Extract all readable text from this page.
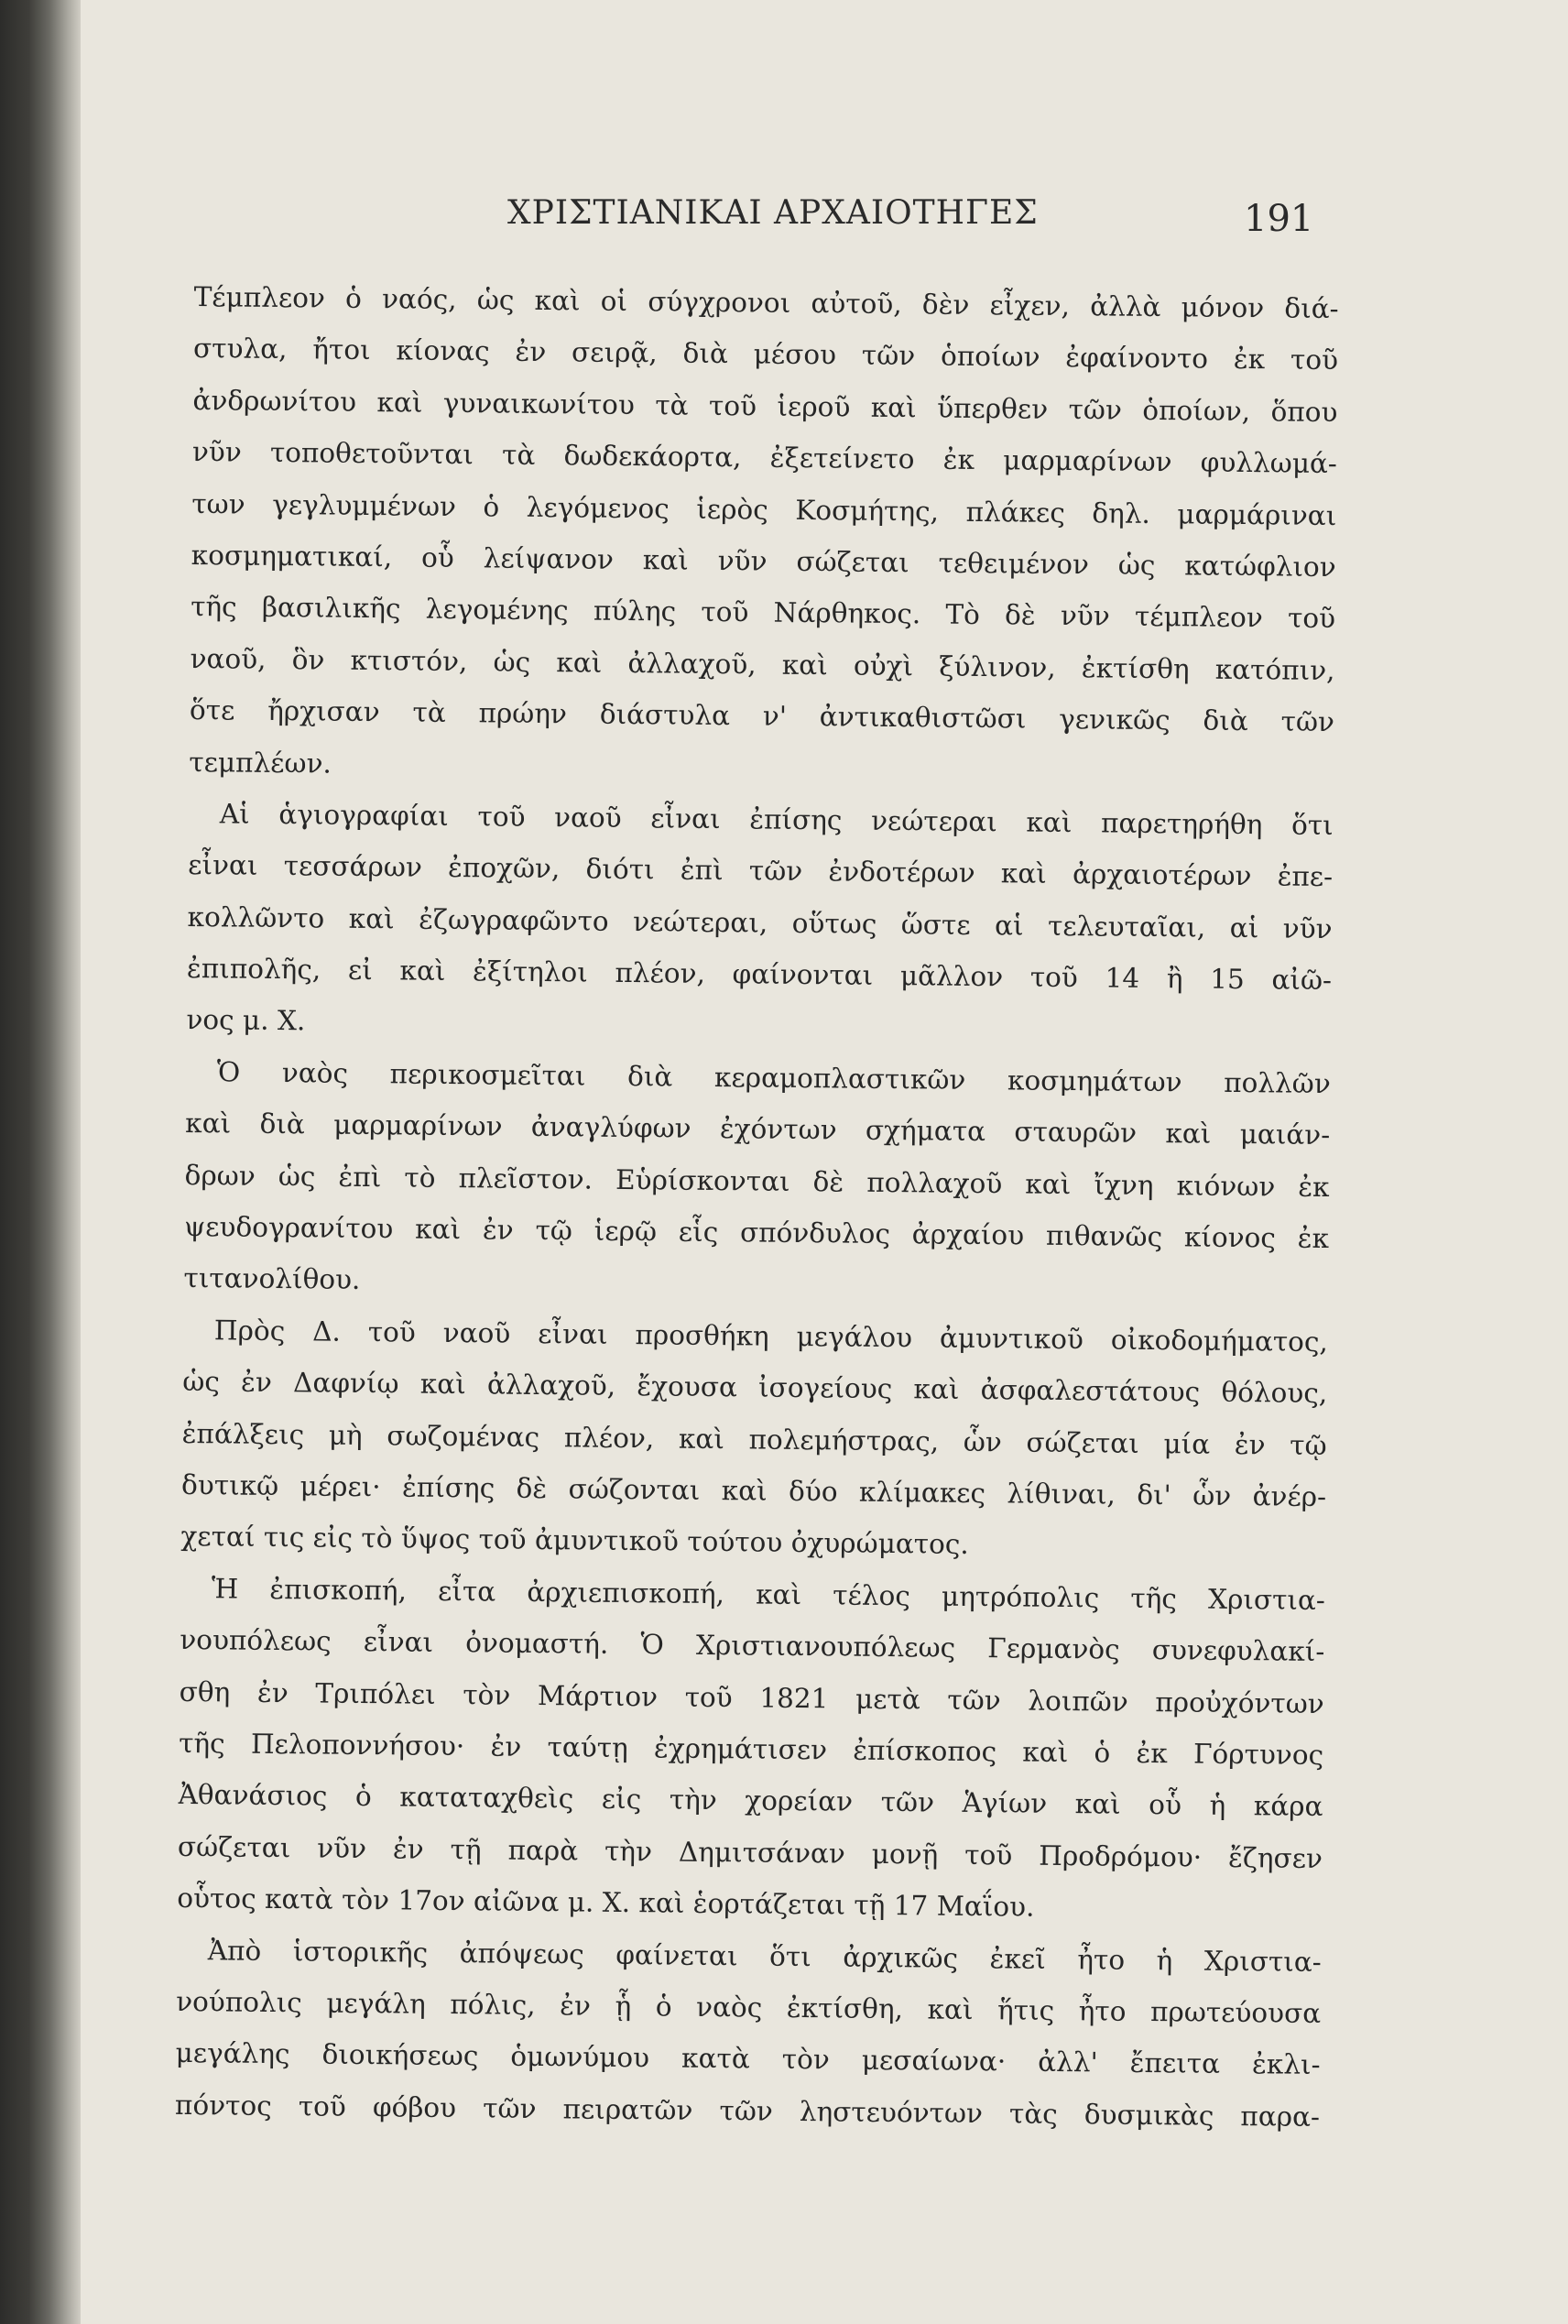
ΧΡΙΣΤΙΑΝΙΚΑΙ ΑΡΧΑΙΟΤΗΓΕΣ	191
Τέμπλεον ὁ ναός, ὡς καὶ οἱ σύγχρονοι αὐτοῦ, δὲν εἶχεν, ἀλλὰ μόνον διά-
στυλα, ἤτοι κίονας ἐν σειρᾷ, διὰ μέσου τῶν ὁποίων ἐφαίνοντο ἐκ τοῦ
ἀνδρωνίτου καὶ γυναικωνίτου τὰ τοῦ ἱεροῦ καὶ ὕπερθεν τῶν ὁποίων, ὅπου
νῦν τοποθετοῦνται τὰ δωδεκάορτα, ἐξετείνετο ἐκ μαρμαρίνων φυλλωμά-
των γεγλυμμένων ὁ λεγόμενος ἱερὸς Κοσμήτης, πλάκες δηλ. μαρμάριναι
κοσμηματικαί, οὗ λείψανον καὶ νῦν σώζεται τεθειμένον ὡς κατώφλιον
τῆς βασιλικῆς λεγομένης πύλης τοῦ Νάρθηκος. Τὸ δὲ νῦν τέμπλεον τοῦ
ναοῦ, ὃν κτιστόν, ὡς καὶ ἀλλαχοῦ, καὶ οὐχὶ ξύλινον, ἐκτίσθη κατόπιν,
ὅτε ἤρχισαν τὰ πρώην διάστυλα ν' ἀντικαθιστῶσι γενικῶς διὰ τῶν
τεμπλέων.
Αἱ ἁγιογραφίαι τοῦ ναοῦ εἶναι ἐπίσης νεώτεραι καὶ παρετηρήθη ὅτι
εἶναι τεσσάρων ἐποχῶν, διότι ἐπὶ τῶν ἐνδοτέρων καὶ ἀρχαιοτέρων ἐπε-
κολλῶντο καὶ ἐζωγραφῶντο νεώτεραι, οὕτως ὥστε αἱ τελευταῖαι, αἱ νῦν
ἐπιπολῆς, εἰ καὶ ἐξίτηλοι πλέον, φαίνονται μᾶλλον τοῦ 14 ἢ 15 αἰῶ-
νος μ. Χ.
Ὁ ναὸς περικοσμεῖται διὰ κεραμοπλαστικῶν κοσμημάτων πολλῶν
καὶ διὰ μαρμαρίνων ἀναγλύφων ἐχόντων σχήματα σταυρῶν καὶ μαιάν-
δρων ὡς ἐπὶ τὸ πλεῖστον. Εὑρίσκονται δὲ πολλαχοῦ καὶ ἴχνη κιόνων ἐκ
ψευδογρανίτου καὶ ἐν τῷ ἱερῷ εἷς σπόνδυλος ἀρχαίου πιθανῶς κίονος ἐκ
τιτανολίθου.
Πρὸς Δ. τοῦ ναοῦ εἶναι προσθήκη μεγάλου ἀμυντικοῦ οἰκοδομήματος,
ὡς ἐν Δαφνίῳ καὶ ἀλλαχοῦ, ἔχουσα ἰσογείους καὶ ἀσφαλεστάτους θόλους,
ἐπάλξεις μὴ σωζομένας πλέον, καὶ πολεμήστρας, ὧν σώζεται μία ἐν τῷ
δυτικῷ μέρει· ἐπίσης δὲ σώζονται καὶ δύο κλίμακες λίθιναι, δι' ὧν ἀνέρ-
χεταί τις εἰς τὸ ὕψος τοῦ ἀμυντικοῦ τούτου ὀχυρώματος.
Ἡ ἐπισκοπή, εἶτα ἀρχιεπισκοπή, καὶ τέλος μητρόπολις τῆς Χριστια-
νουπόλεως εἶναι ὀνομαστή. Ὁ Χριστιανουπόλεως Γερμανὸς συνεφυλακί-
σθη ἐν Τριπόλει τὸν Μάρτιον τοῦ 1821 μετὰ τῶν λοιπῶν προὐχόντων
τῆς Πελοποννήσου· ἐν ταύτῃ ἐχρημάτισεν ἐπίσκοπος καὶ ὁ ἐκ Γόρτυνος
Ἀθανάσιος ὁ καταταχθεὶς εἰς τὴν χορείαν τῶν Ἁγίων καὶ οὗ ἡ κάρα
σώζεται νῦν ἐν τῇ παρὰ τὴν Δημιτσάναν μονῇ τοῦ Προδρόμου· ἔζησεν
οὗτος κατὰ τὸν 17ον αἰῶνα μ. Χ. καὶ ἑορτάζεται τῇ 17 Μαΐου.
Ἀπὸ ἱστορικῆς ἀπόψεως φαίνεται ὅτι ἀρχικῶς ἐκεῖ ἦτο ἡ Χριστια-
νούπολις μεγάλη πόλις, ἐν ᾗ ὁ ναὸς ἐκτίσθη, καὶ ἥτις ἦτο πρωτεύουσα
μεγάλης διοικήσεως ὁμωνύμου κατὰ τὸν μεσαίωνα· ἀλλ' ἔπειτα ἐκλι-
πόντος τοῦ φόβου τῶν πειρατῶν τῶν ληστευόντων τὰς δυσμικὰς παρα-
